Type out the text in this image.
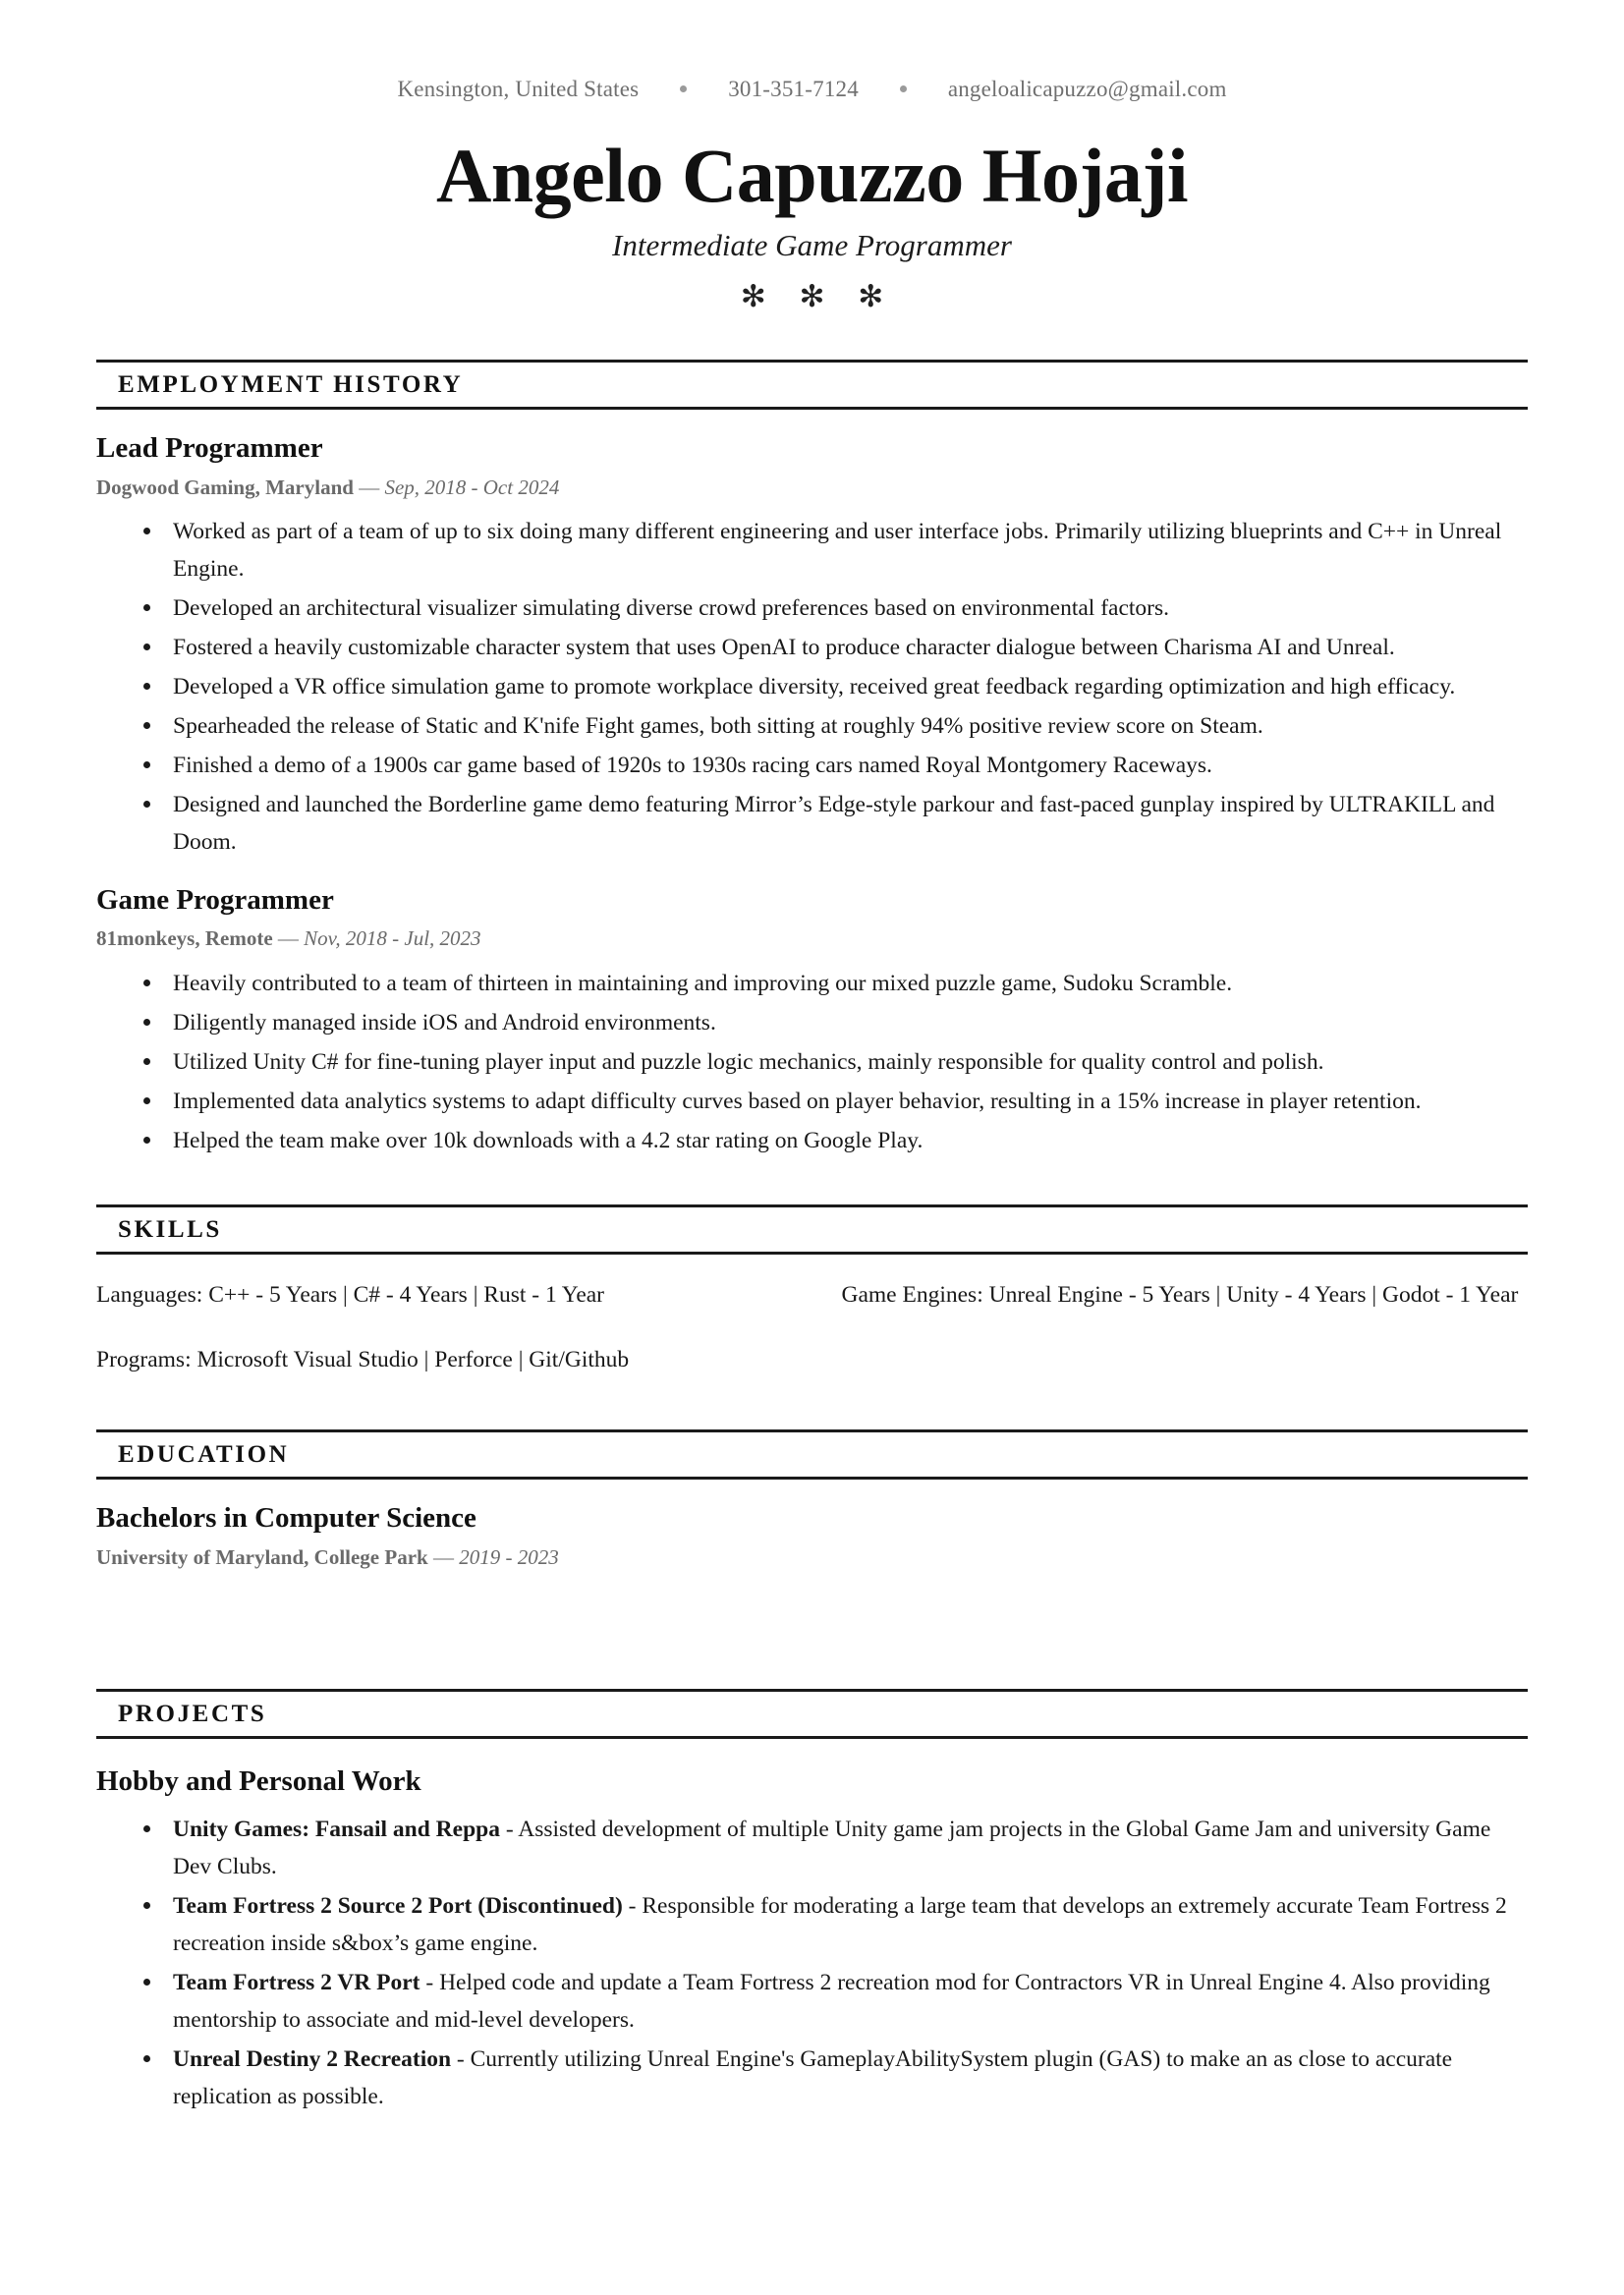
Kensington, United States	301-351-7124	angeloalicapuzzo@gmail.com
Angelo Capuzzo Hojaji
Intermediate Game Programmer
✻ ✻ ✻
EMPLOYMENT HISTORY
Lead Programmer
Dogwood Gaming, Maryland — Sep, 2018 - Oct 2024
Worked as part of a team of up to six doing many different engineering and user interface jobs. Primarily utilizing blueprints and C++ in Unreal Engine.
Developed an architectural visualizer simulating diverse crowd preferences based on environmental factors.
Fostered a heavily customizable character system that uses OpenAI to produce character dialogue between Charisma AI and Unreal.
Developed a VR office simulation game to promote workplace diversity, received great feedback regarding optimization and high efficacy.
Spearheaded the release of Static and K'nife Fight games, both sitting at roughly 94% positive review score on Steam.
Finished a demo of a 1900s car game based of 1920s to 1930s racing cars named Royal Montgomery Raceways.
Designed and launched the Borderline game demo featuring Mirror’s Edge-style parkour and fast-paced gunplay inspired by ULTRAKILL and Doom.
Game Programmer
81monkeys, Remote — Nov, 2018 - Jul, 2023
Heavily contributed to a team of thirteen in maintaining and improving our mixed puzzle game, Sudoku Scramble.
Diligently managed inside iOS and Android environments.
Utilized Unity C# for fine-tuning player input and puzzle logic mechanics, mainly responsible for quality control and polish.
Implemented data analytics systems to adapt difficulty curves based on player behavior, resulting in a 15% increase in player retention.
Helped the team make over 10k downloads with a 4.2 star rating on Google Play.
SKILLS
Languages: C++ - 5 Years | C# - 4 Years | Rust - 1 Year	Game Engines: Unreal Engine - 5 Years | Unity - 4 Years | Godot - 1 Year
Programs: Microsoft Visual Studio | Perforce | Git/Github
EDUCATION
Bachelors in Computer Science
University of Maryland, College Park — 2019 - 2023
PROJECTS
Hobby and Personal Work
Unity Games: Fansail and Reppa - Assisted development of multiple Unity game jam projects in the Global Game Jam and university Game Dev Clubs.
Team Fortress 2 Source 2 Port (Discontinued) - Responsible for moderating a large team that develops an extremely accurate Team Fortress 2 recreation inside s&box’s game engine.
Team Fortress 2 VR Port - Helped code and update a Team Fortress 2 recreation mod for Contractors VR in Unreal Engine 4. Also providing mentorship to associate and mid-level developers.
Unreal Destiny 2 Recreation - Currently utilizing Unreal Engine's GameplayAbilitySystem plugin (GAS) to make an as close to accurate replication as possible.
